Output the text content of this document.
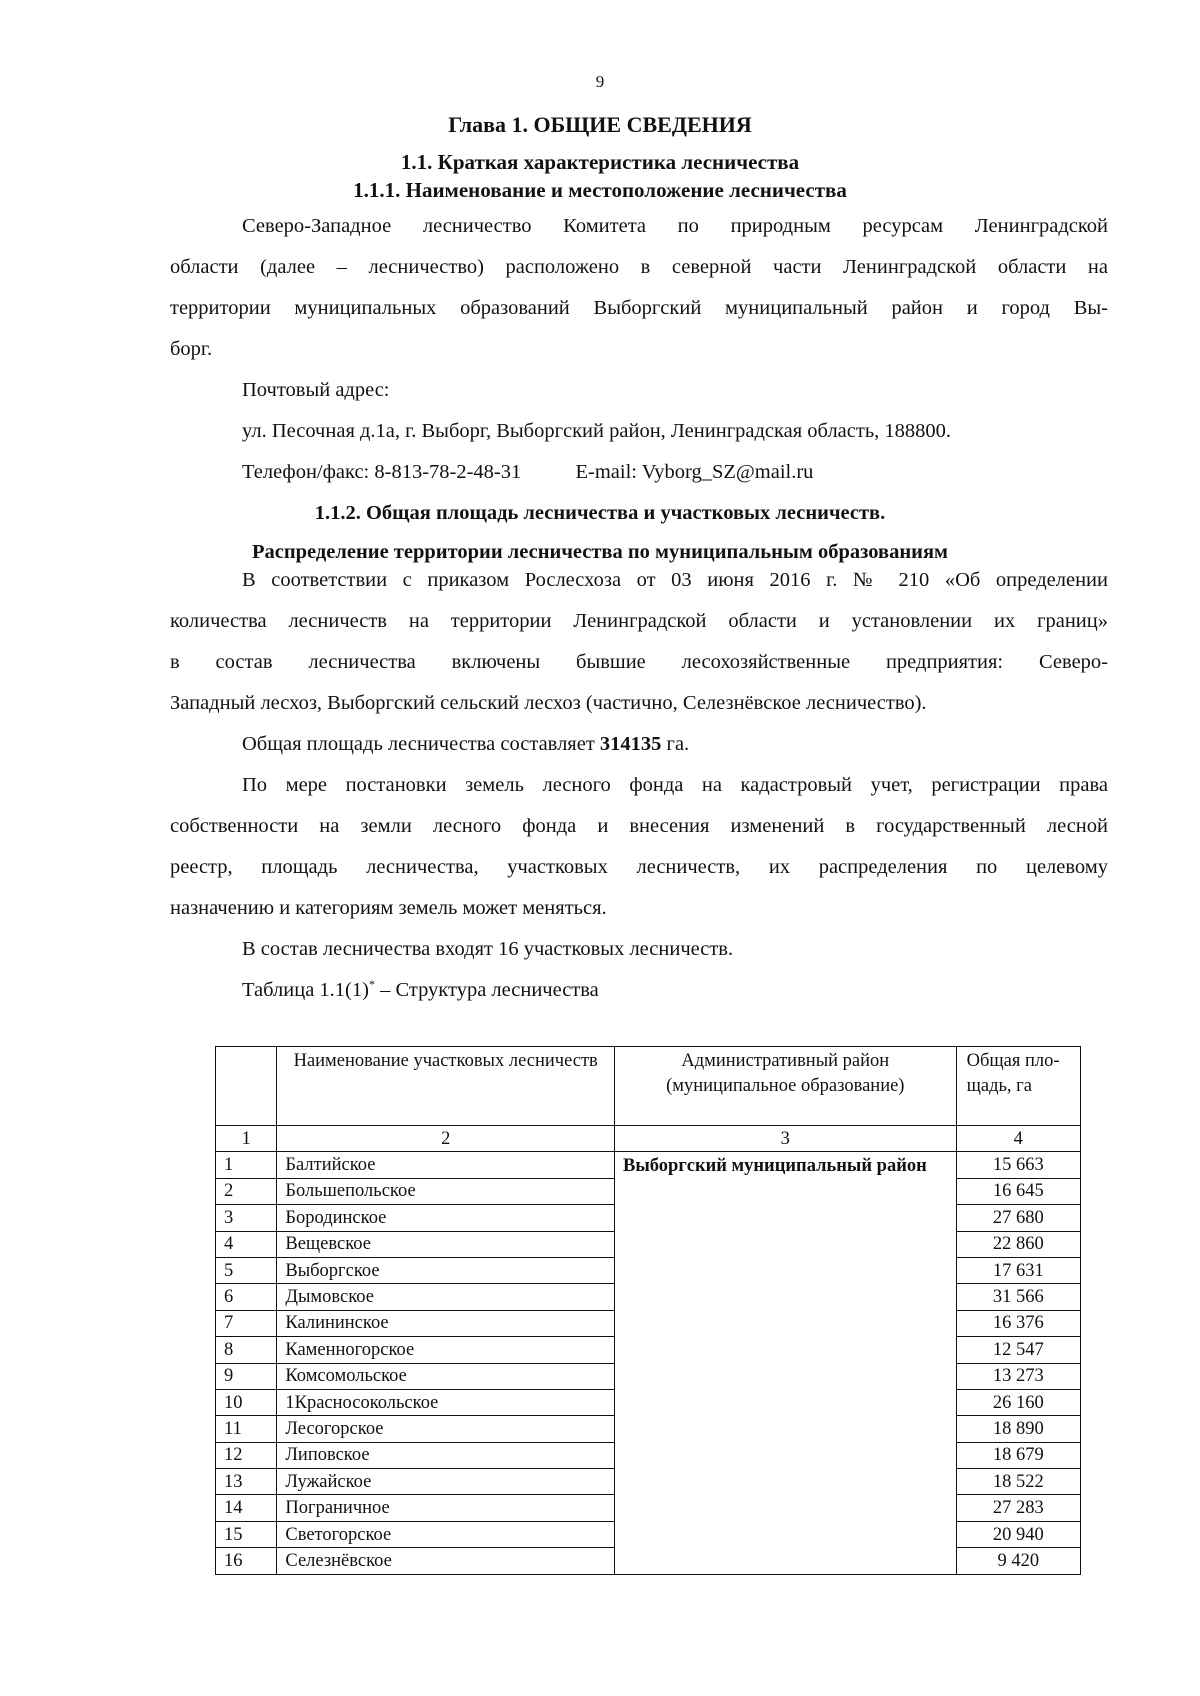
9
Глава 1. ОБЩИЕ СВЕДЕНИЯ
1.1. Краткая характеристика лесничества
1.1.1. Наименование и местоположение лесничества
Северо-Западное лесничество Комитета по природным ресурсам Ленинградской
области (далее – лесничество) расположено в северной части Ленинградской области на
территории муниципальных образований Выборгский муниципальный район и город Вы-
борг.
Почтовый адрес:
ул. Песочная д.1а, г. Выборг, Выборгский район, Ленинградская область, 188800.
Телефон/факс: 8-813-78-2-48-31	E-mail: Vyborg_SZ@mail.ru
1.1.2. Общая площадь лесничества и участковых лесничеств.
Распределение территории лесничества по муниципальным образованиям
В соответствии с приказом Рослесхоза от 03 июня 2016 г. № 210 «Об определении
количества лесничеств на территории Ленинградской области и установлении их границ»
в состав лесничества включены бывшие лесохозяйственные предприятия: Северо-
Западный лесхоз, Выборгский сельский лесхоз (частично, Селезнёвское лесничество).
Общая площадь лесничества составляет 314135 га.
По мере постановки земель лесного фонда на кадастровый учет, регистрации права
собственности на земли лесного фонда и внесения изменений в государственный лесной
реестр, площадь лесничества, участковых лесничеств, их распределения по целевому
назначению и категориям земель может меняться.
В состав лесничества входят 16 участковых лесничеств.
Таблица 1.1(1)* – Структура лесничества
	Наименование участковых лесничеств	Административный район (муниципальное образование)	Общая пло-щадь, га
1	2	3	4
1	Балтийское	Выборгский муниципальный район	15 663
2	Большепольское		16 645
3	Бородинское		27 680
4	Вещевское		22 860
5	Выборгское		17 631
6	Дымовское		31 566
7	Калининское		16 376
8	Каменногорское		12 547
9	Комсомольское		13 273
10	1Красносокольское		26 160
11	Лесогорское		18 890
12	Липовское		18 679
13	Лужайское		18 522
14	Пограничное		27 283
15	Светогорское		20 940
16	Селезнёвское		9 420
